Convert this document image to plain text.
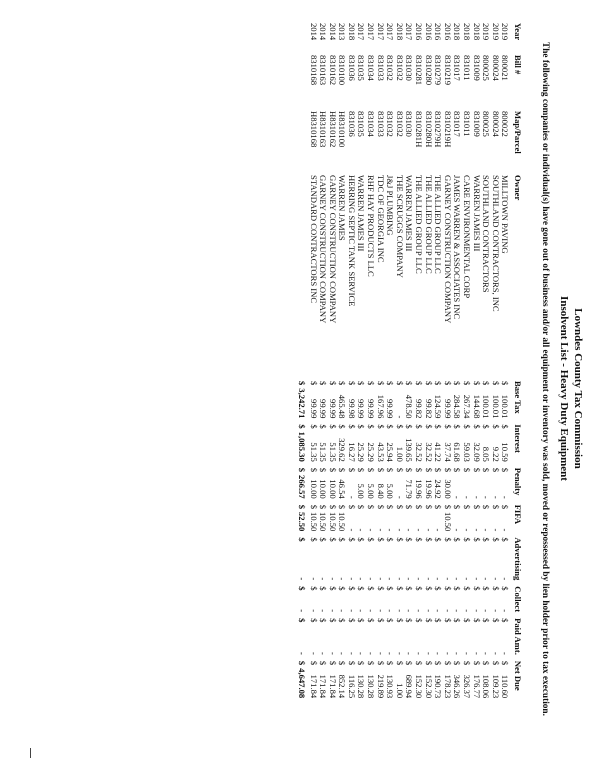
Lowndes County Tax Commission
Insolvent List - Heavy Duty Equipment
The following companies or individual(s) have gone out of business and/or all equipment or inventory was sold, moved or repossessed by lien holder prior to tax execution.
Year	Bill #	Map/Parcel	Owner	Base Tax		Interest		Penalty		FIFA		Advertising		Collect		Paid Amt.		Net Due	
2019	800021	800022	MILLTOWN PAVING	$	100.01	$	10.59	$	-	$	-	$	-	$	-	$	-	$	110.60
2019	800024	800024	SOUTHLAND CONTRACTORS, INC	$	100.01	$	9.22	$	-	$	-	$	-	$	-	$	-	$	109.23
2019	800025	800025	SOUTHLAND CONTRACTORS	$	100.01	$	8.05	$	-	$	-	$	-	$	-	$	-	$	108.06
2018	831009	831009	WARREN JAMES III	$	144.68	$	32.09	$	-	$	-	$	-	$	-	$	-	$	176.77
2018	831011	831011	CARE ENVIRONMENTAL CORP	$	267.34	$	59.03	$	-	$	-	$	-	$	-	$	-	$	326.37
2018	831017	831017	JAMES WARREN & ASSOCIATES INC	$	284.58	$	61.68	$	-	$	-	$	-	$	-	$	-	$	346.26
2016	8310219	8310219H	GARNEY CONSTRUCTION COMPANY	$	99.99	$	37.74	$	30.00	$	10.50	$	-	$	-	$	-	$	178.23
2016	8310279	8310279H	THE ALLIED GROUP LLC	$	124.59	$	41.22	$	24.92	$	-	$	-	$	-	$	-	$	190.73
2016	8310280	8310280H	THE ALLIED GROUP LLC	$	99.82	$	32.52	$	19.96	$	-	$	-	$	-	$	-	$	152.30
2016	8310281	8310281H	THE ALLIED GROUP LLC	$	99.82	$	32.52	$	19.96	$	-	$	-	$	-	$	-	$	152.30
2017	831030	831030	WARREN JAMES III	$	478.50	$	139.65	$	71.79	$	-	$	-	$	-	$	-	$	689.94
2018	831032	831032	THE SCRUGGS COMPANY	$	-	$	1.00	$	-	$	-	$	-	$	-	$	-	$	1.00
2017	831032	831032	J&J PLUMBING	$	99.99	$	25.94	$	5.00	$	-	$	-	$	-	$	-	$	130.93
2017	831033	831033	TDC OF GEORGIA INC	$	167.96	$	43.53	$	8.40	$	-	$	-	$	-	$	-	$	219.89
2017	831034	831034	RHF HAY PRODUCTS LLC	$	99.99	$	25.29	$	5.00	$	-	$	-	$	-	$	-	$	130.28
2017	831035	831035	WARREN JAMES III	$	99.99	$	25.29	$	5.00	$	-	$	-	$	-	$	-	$	130.28
2018	831036	831036	HERRING SEPTIC TANK SERVICE	$	99.98	$	16.27	$	-	$	-	$	-	$	-	$	-	$	116.25
2013	8310100	H8310100	WARREN JAMES	$	465.48	$	329.62	$	46.54	$	10.50	$	-	$	-	$	-	$	852.14
2014	8310162	H8310162	GARNEY CONSTRUCTION COMPANY	$	99.99	$	51.35	$	10.00	$	10.50	$	-	$	-	$	-	$	171.84
2014	8310163	H8310163	GARNEY CONSTRUCTION COMPANY	$	99.99	$	51.35	$	10.00	$	10.50	$	-	$	-	$	-	$	171.84
2014	8310168	H8310168	STANDARD CONTRACTORS INC	$	99.99	$	51.35	$	10.00	$	10.50	$	-	$	-	$	-	$	171.84
				$	3,242.71	$	1,085.30	$	266.57	$	52.50	$	-	$	-	$	-	$	4,647.08
